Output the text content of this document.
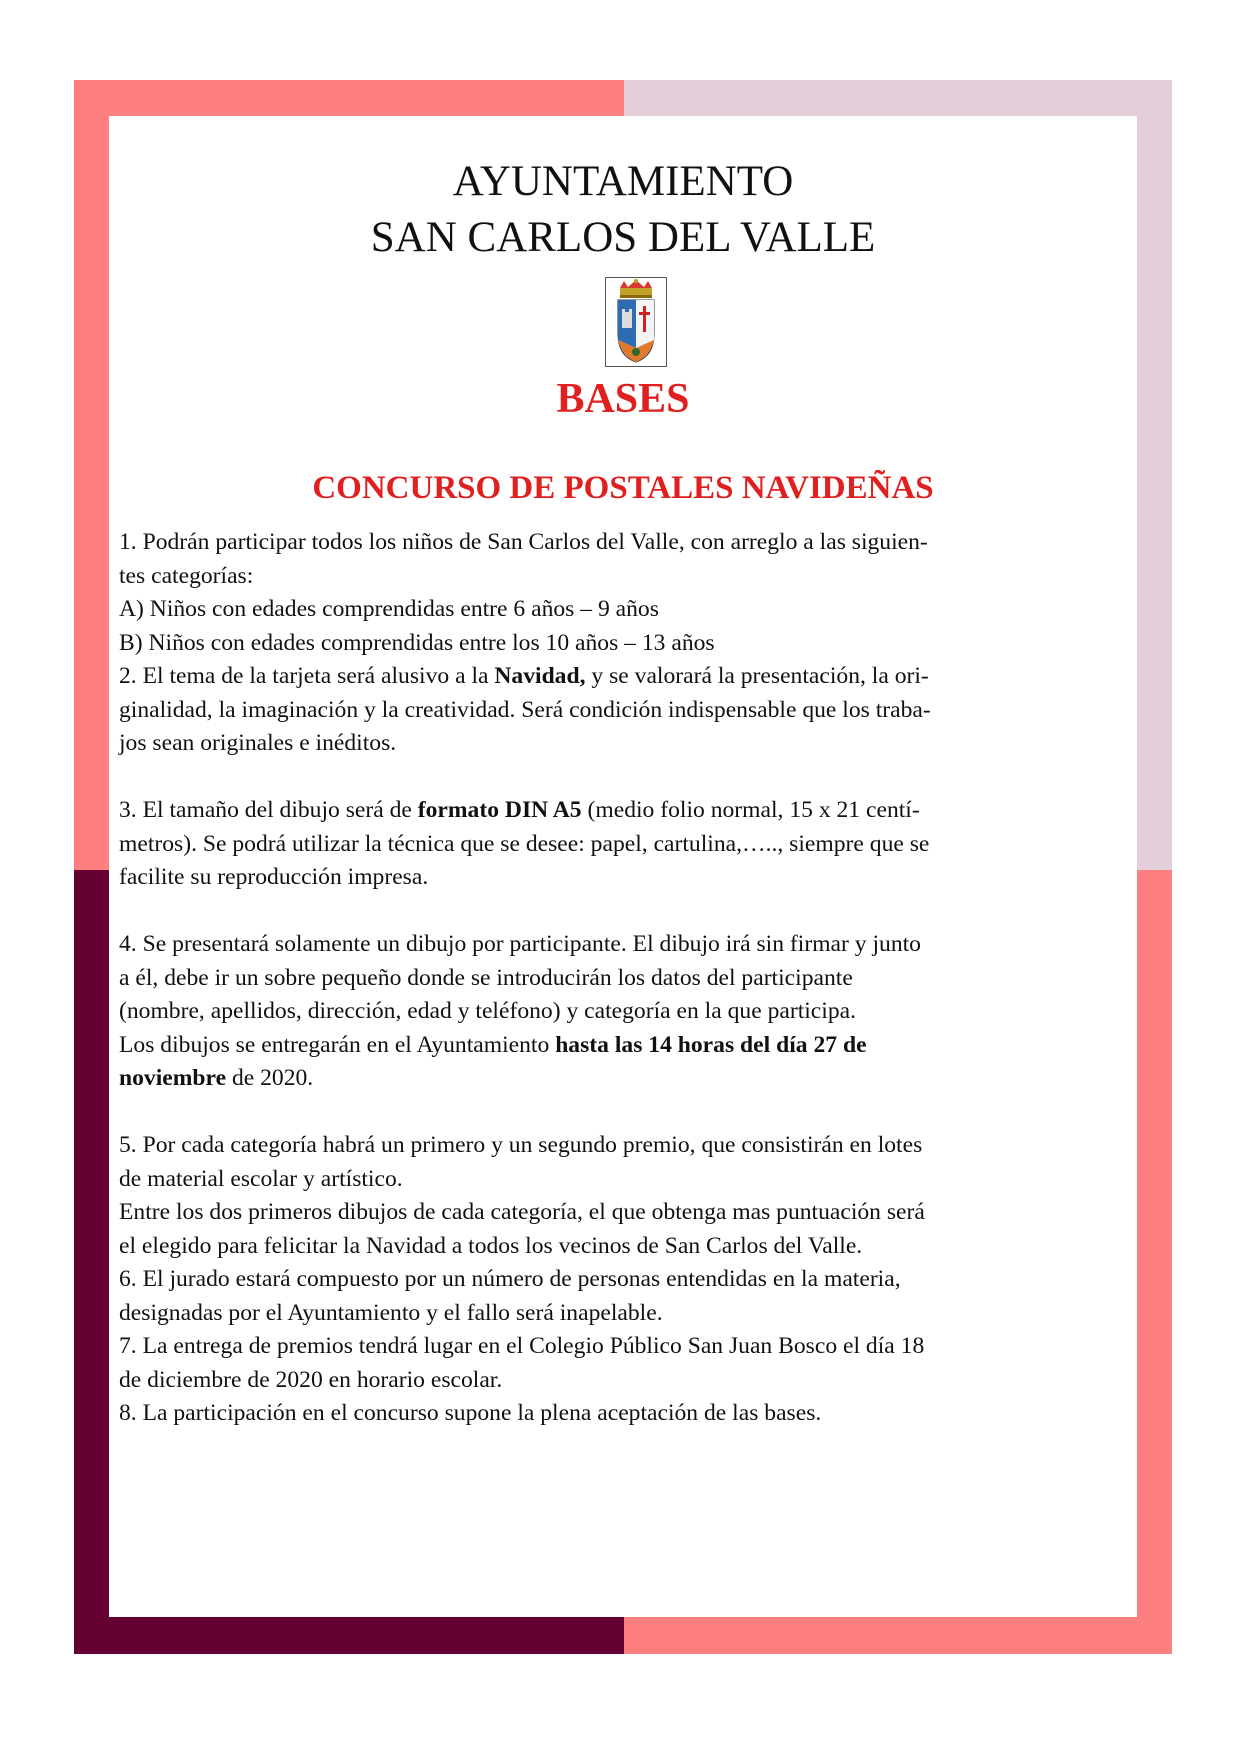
AYUNTAMIENTO
SAN CARLOS DEL VALLE
BASES
CONCURSO DE POSTALES NAVIDEÑAS

1. Podrán participar todos los niños de San Carlos del Valle, con arreglo a las siguien-

tes categorías:

A) Niños con edades comprendidas entre 6 años – 9 años

B) Niños con edades comprendidas entre los 10 años – 13 años

2. El tema de la tarjeta será alusivo a la Navidad, y se valorará la presentación, la ori-

ginalidad, la imaginación y la creatividad. Será condición indispensable que los traba-

jos sean originales e inéditos.

3. El tamaño del dibujo será de formato DIN A5 (medio folio normal, 15 x 21 centí-

metros). Se podrá utilizar la técnica que se desee: papel, cartulina,….., siempre que se

facilite su reproducción impresa.

4. Se presentará solamente un dibujo por participante. El dibujo irá sin firmar y junto

a él, debe ir un sobre pequeño donde se introducirán los datos del participante

(nombre, apellidos, dirección, edad y teléfono) y categoría en la que participa.

Los dibujos se entregarán en el Ayuntamiento hasta las 14 horas del día 27 de

noviembre de 2020.

5. Por cada categoría habrá un primero y un segundo premio, que consistirán en lotes

de material escolar y artístico.

Entre los dos primeros dibujos de cada categoría, el que obtenga mas puntuación será

el elegido para felicitar la Navidad a todos los vecinos de San Carlos del Valle.

6. El jurado estará compuesto por un número de personas entendidas en la materia,

designadas por el Ayuntamiento y el fallo será inapelable.

7. La entrega de premios tendrá lugar en el Colegio Público San Juan Bosco el día 18

de diciembre de 2020 en horario escolar.

8. La participación en el concurso supone la plena aceptación de las bases.
